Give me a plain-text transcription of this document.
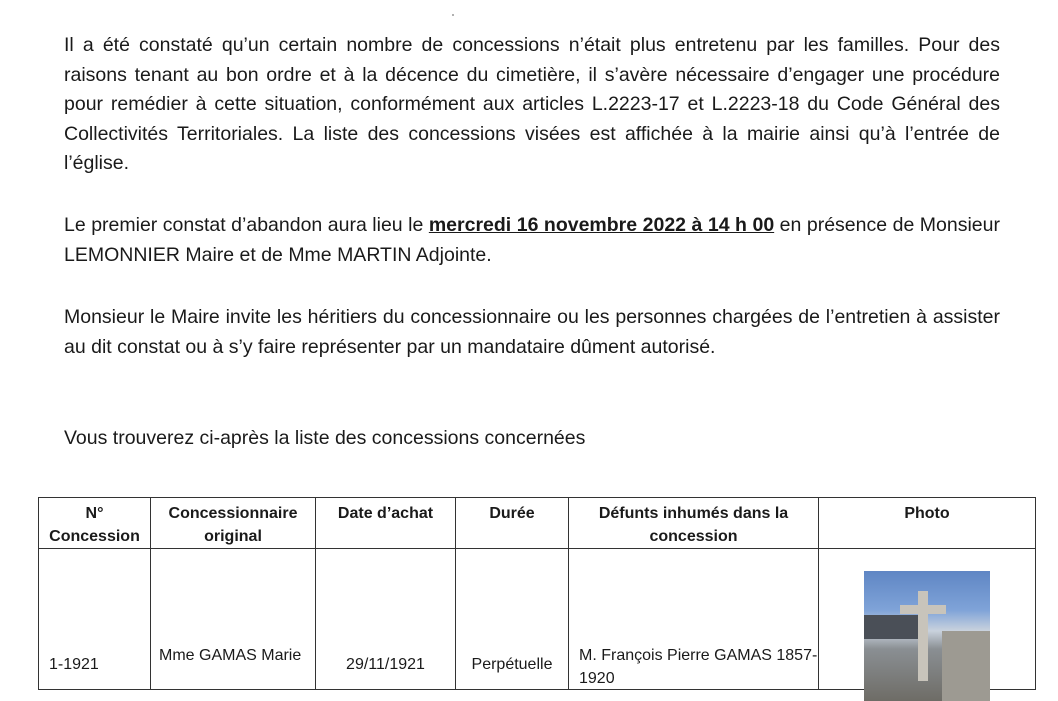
Il a été constaté qu’un certain nombre de concessions n’était plus entretenu par les familles. Pour des raisons tenant au bon ordre et à la décence du cimetière, il s’avère nécessaire d’engager une procédure pour remédier à cette situation, conformément aux articles L.2223-17 et L.2223-18 du Code Général des Collectivités Territoriales. La liste des concessions visées est affichée à la mairie ainsi qu’à l’entrée de l’église.

Le premier constat d’abandon aura lieu le mercredi 16 novembre 2022 à 14 h 00 en présence de Monsieur LEMONNIER Maire et de Mme MARTIN Adjointe.

Monsieur le Maire invite les héritiers du concessionnaire ou les personnes chargées de l’entretien à assister au dit constat ou à s’y faire représenter par un mandataire dûment autorisé.

Vous trouverez ci-après la liste des concessions concernées

N° Concession	Concessionnaire original	Date d’achat	Durée	Défunts inhumés dans la concession	Photo

1-1921	Mme GAMAS Marie	29/11/1921	Perpétuelle	M. François Pierre GAMAS 1857-1920	
